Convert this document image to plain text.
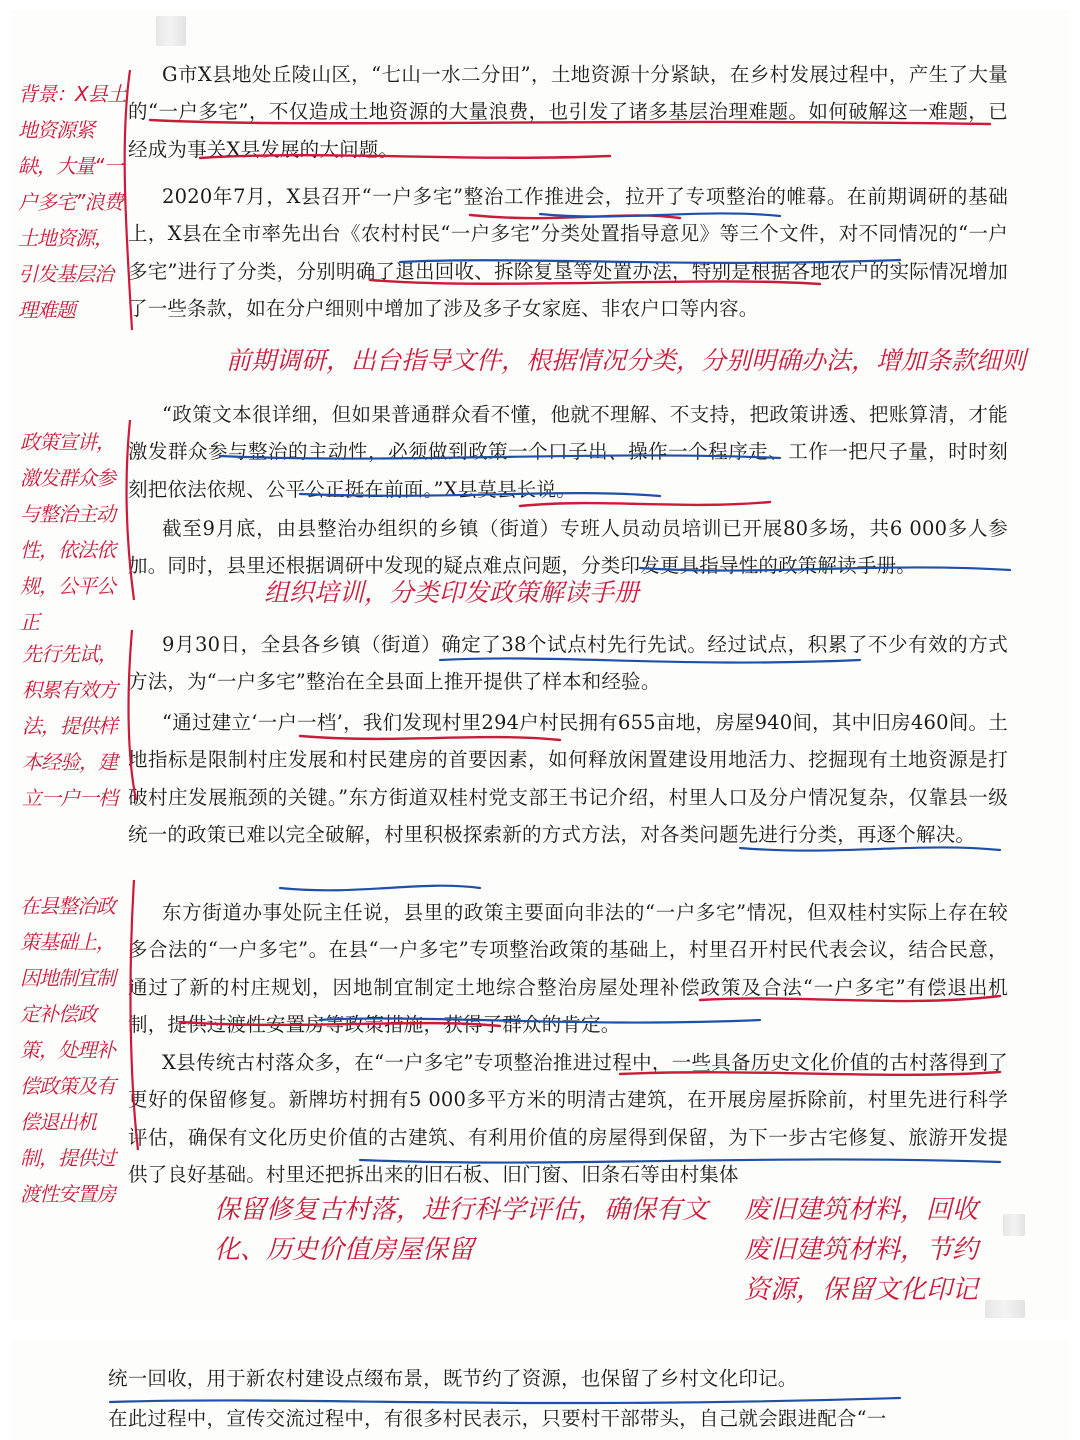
G市X县地处丘陵山区，“七山一水二分田”，土地资源十分紧缺，在乡村发展过程中，产生了大量的“一户多宅”，不仅造成土地资源的大量浪费，也引发了诸多基层治理难题。如何破解这一难题，已经成为事关X县发展的大问题。

2020年7月，X县召开“一户多宅”整治工作推进会，拉开了专项整治的帷幕。在前期调研的基础上，X县在全市率先出台《农村村民“一户多宅”分类处置指导意见》等三个文件，对不同情况的“一户多宅”进行了分类，分别明确了退出回收、拆除复垦等处置办法，特别是根据各地农户的实际情况增加了一些条款，如在分户细则中增加了涉及多子女家庭、非农户口等内容。

“政策文本很详细，但如果普通群众看不懂，他就不理解、不支持，把政策讲透、把账算清，才能激发群众参与整治的主动性，必须做到政策一个口子出、操作一个程序走、工作一把尺子量，时时刻刻把依法依规、公平公正挺在前面。”X县莫县长说。

截至9月底，由县整治办组织的乡镇（街道）专班人员动员培训已开展80多场，共6 000多人参加。同时，县里还根据调研中发现的疑点难点问题，分类印发更具指导性的政策解读手册。

9月30日，全县各乡镇（街道）确定了38个试点村先行先试。经过试点，积累了不少有效的方式方法，为“一户多宅”整治在全县面上推开提供了样本和经验。

“通过建立‘一户一档’，我们发现村里294户村民拥有655亩地，房屋940间，其中旧房460间。土地指标是限制村庄发展和村民建房的首要因素，如何释放闲置建设用地活力、挖掘现有土地资源是打破村庄发展瓶颈的关键。”东方街道双桂村党支部王书记介绍，村里人口及分户情况复杂，仅靠县一级统一的政策已难以完全破解，村里积极探索新的方式方法，对各类问题先进行分类，再逐个解决。

东方街道办事处阮主任说，县里的政策主要面向非法的“一户多宅”情况，但双桂村实际上存在较多合法的“一户多宅”。在县“一户多宅”专项整治政策的基础上，村里召开村民代表会议，结合民意，通过了新的村庄规划，因地制宜制定土地综合整治房屋处理补偿政策及合法“一户多宅”有偿退出机制，提供过渡性安置房等政策措施，获得了群众的肯定。

X县传统古村落众多，在“一户多宅”专项整治推进过程中，一些具备历史文化价值的古村落得到了更好的保留修复。新牌坊村拥有5 000多平方米的明清古建筑，在开展房屋拆除前，村里先进行科学评估，确保有文化历史价值的古建筑、有利用价值的房屋得到保留，为下一步古宅修复、旅游开发提供了良好基础。村里还把拆出来的旧石板、旧门窗、旧条石等由村集体

统一回收，用于新农村建设点缀布景，既节约了资源，也保留了乡村文化印记。

在此过程中，宣传交流过程中，有很多村民表示，只要村干部带头，自己就会跟进配合“一

背景：X县土地资源紧缺，大量“一户多宅”浪费土地资源，引发基层治理难题

政策宣讲，激发群众参与整治主动性，依法依规，公平公正

先行先试，积累有效方法，提供样本经验，建立一户一档

在县整治政策基础上，因地制宜制定补偿政策，处理补偿政策及有偿退出机制，提供过渡性安置房

前期调研，出台指导文件，根据情况分类，分别明确办法，增加条款细则

组织培训，分类印发政策解读手册

保留修复古村落，进行科学评估，确保有文化、历史价值房屋保留

废旧建筑材料，回收废旧建筑材料，节约资源，保留文化印记
